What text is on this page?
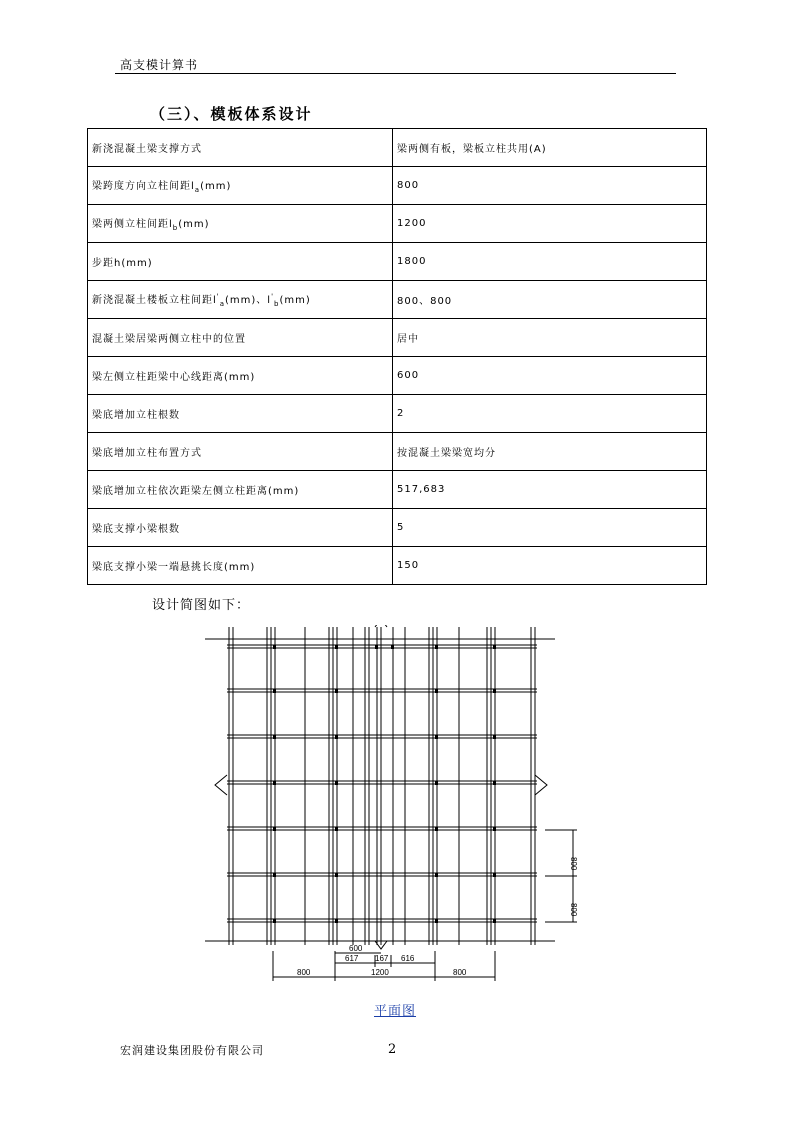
高支模计算书
（三）、模板体系设计
新浇混凝土梁支撑方式	梁两侧有板，梁板立柱共用(A)
梁跨度方向立柱间距$l_a(mm)$	800
梁两侧立柱间距$l_b(mm)$	1200
步距h(mm)	1800
新浇混凝土楼板立柱间距$l'_a(mm)$、$l'_b(mm)$	800、800
混凝土梁居梁两侧立柱中的位置	居中
梁左侧立柱距梁中心线距离(mm)	600
梁底增加立柱根数	2
梁底增加立柱布置方式	按混凝土梁梁宽均分
梁底增加立柱依次距梁左侧立柱距离(mm)	517,683
梁底支撑小梁根数	5
梁底支撑小梁一端悬挑长度(mm)	150
设计简图如下：
600
617 167 616
800	1200	800
800
800
平面图
宏润建设集团股份有限公司	2
